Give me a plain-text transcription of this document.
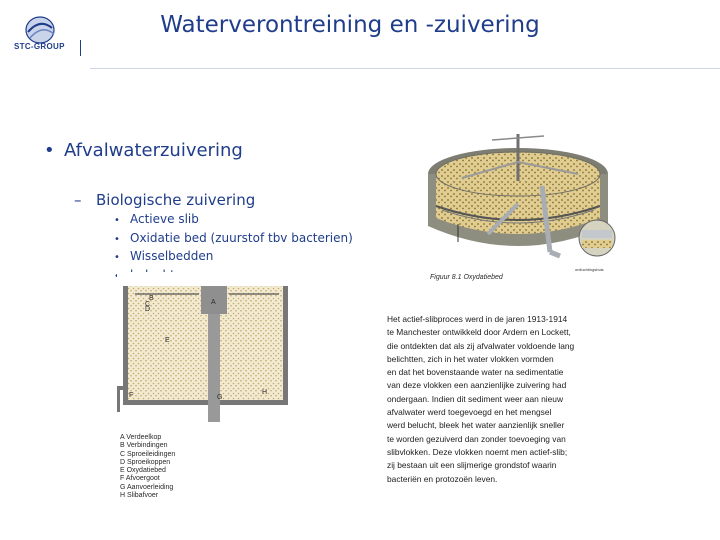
STC-GROUP
Waterverontreining en -zuivering
• Afvalwaterzuivering
– Biologische zuivering
• Actieve slib
• Oxidatie bed (zuurstof tbv bacterien)
• Wisselbedden
• beluchters	Figuur 8.1 Oxydatiebed
ontluchtingsbuis
B
C
D
A
E
F	G
H
A Verdeelkop
B Verbindingen
C Sproeileidingen
D Sproeikoppen
E Oxydatiebed
F Afvoergoot
G Aanvoerleiding
H Slibafvoer
Het actief-slibproces werd in de jaren 1913-1914
te Manchester ontwikkeld door Ardern en Lockett,
die ontdekten dat als zij afvalwater voldoende lang
belichtten, zich in het water vlokken vormden
en dat het bovenstaande water na sedimentatie
van deze vlokken een aanzienlijke zuivering had
ondergaan. Indien dit sediment weer aan nieuw
afvalwater werd toegevoegd en het mengsel
werd belucht, bleek het water aanzienlijk sneller
te worden gezuiverd dan zonder toevoeging van
slibvlokken. Deze vlokken noemt men actief-slib;
zij bestaan uit een slijmerige grondstof waarin
bacteriën en protozoën leven.
